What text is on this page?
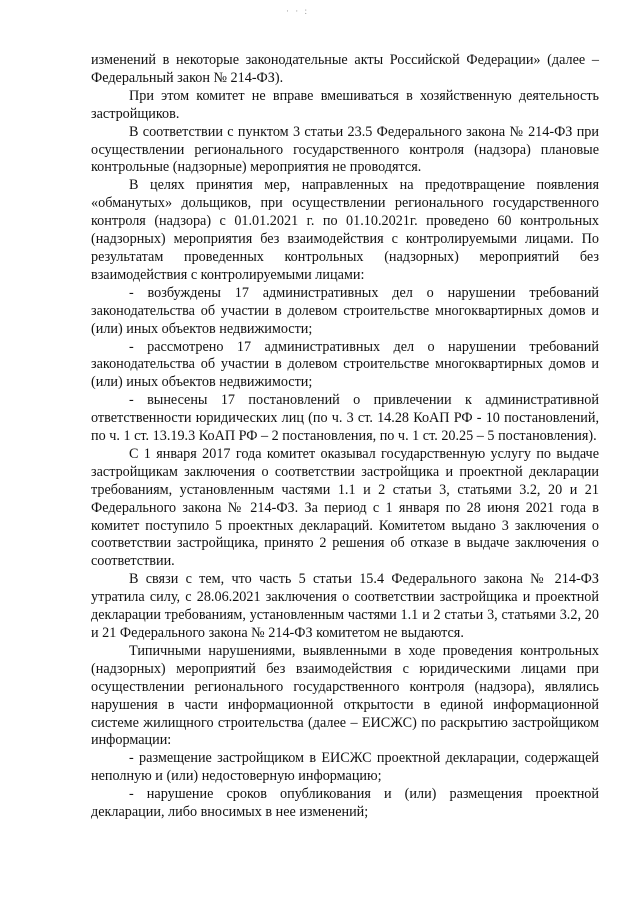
· · :

изменений в некоторые законодательные акты Российской Федерации» (далее – Федеральный закон № 214-ФЗ).

При этом комитет не вправе вмешиваться в хозяйственную деятельность застройщиков.

В соответствии с пунктом 3 статьи 23.5 Федерального закона № 214-ФЗ при осуществлении регионального государственного контроля (надзора) плановые контрольные (надзорные) мероприятия не проводятся.

В целях принятия мер, направленных на предотвращение появления «обманутых» дольщиков, при осуществлении регионального государственного контроля (надзора) с 01.01.2021 г. по 01.10.2021г. проведено 60 контрольных (надзорных) мероприятия без взаимодействия с контролируемыми лицами. По результатам проведенных контрольных (надзорных) мероприятий без взаимодействия с контролируемыми лицами:

- возбуждены 17 административных дел о нарушении требований законодательства об участии в долевом строительстве многоквартирных домов и (или) иных объектов недвижимости;

- рассмотрено 17 административных дел о нарушении требований законодательства об участии в долевом строительстве многоквартирных домов и (или) иных объектов недвижимости;

- вынесены 17 постановлений о привлечении к административной ответственности юридических лиц (по ч. 3 ст. 14.28 КоАП РФ - 10 постановлений, по ч. 1 ст. 13.19.3 КоАП РФ – 2 постановления, по ч. 1 ст. 20.25 – 5 постановления).

С 1 января 2017 года комитет оказывал государственную услугу по выдаче застройщикам заключения о соответствии застройщика и проектной декларации требованиям, установленным частями 1.1 и 2 статьи 3, статьями 3.2, 20 и 21 Федерального закона № 214-ФЗ. За период с 1 января по 28 июня 2021 года в комитет поступило 5 проектных деклараций. Комитетом выдано 3 заключения о соответствии застройщика, принято 2 решения об отказе в выдаче заключения о соответствии.

В связи с тем, что часть 5 статьи 15.4 Федерального закона № 214-ФЗ утратила силу, с 28.06.2021 заключения о соответствии застройщика и проектной декларации требованиям, установленным частями 1.1 и 2 статьи 3, статьями 3.2, 20 и 21 Федерального закона № 214-ФЗ комитетом не выдаются.

Типичными нарушениями, выявленными в ходе проведения контрольных (надзорных) мероприятий без взаимодействия с юридическими лицами при осуществлении регионального государственного контроля (надзора), являлись нарушения в части информационной открытости в единой информационной системе жилищного строительства (далее – ЕИСЖС) по раскрытию застройщиком информации:

- размещение застройщиком в ЕИСЖС проектной декларации, содержащей неполную и (или) недостоверную информацию;

- нарушение сроков опубликования и (или) размещения проектной декларации, либо вносимых в нее изменений;
